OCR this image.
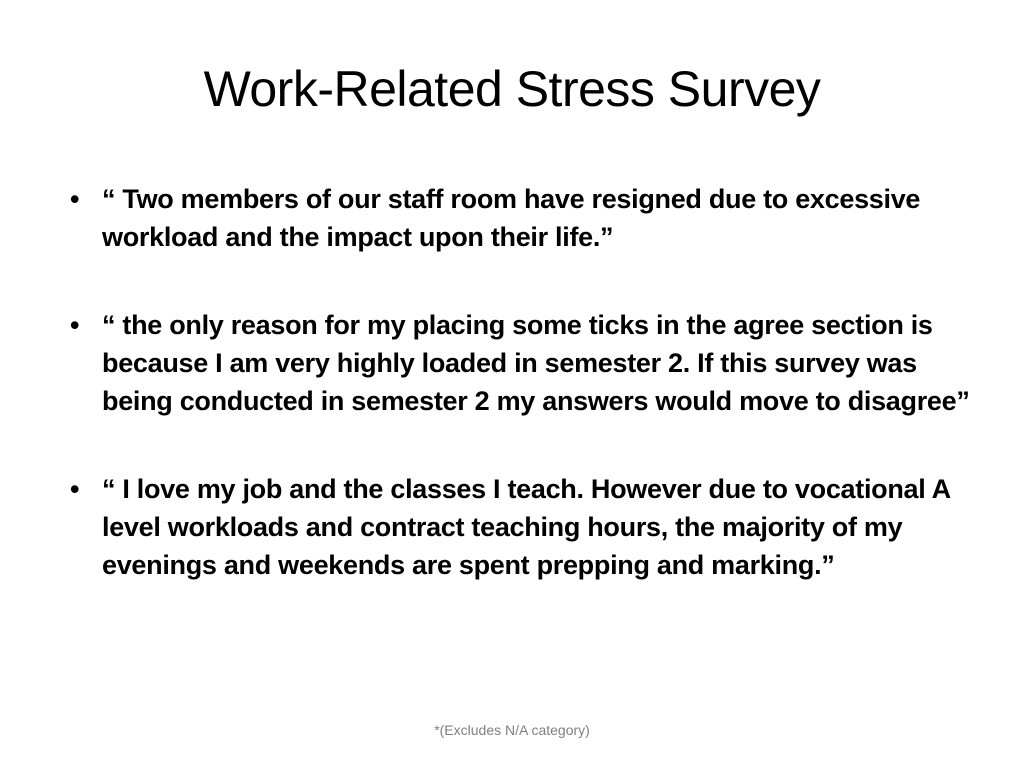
Work-Related Stress Survey
• “ Two members of our staff room have resigned due to excessive workload and the impact upon their life.”
• “ the only reason for my placing some ticks in the agree section is because I am very highly loaded in semester 2. If this survey was being conducted in semester 2 my answers would move to disagree”
• “ I love my job and the classes I teach. However due to vocational A level workloads and contract teaching hours, the majority of my evenings and weekends are spent prepping and marking.”
*(Excludes N/A category)
